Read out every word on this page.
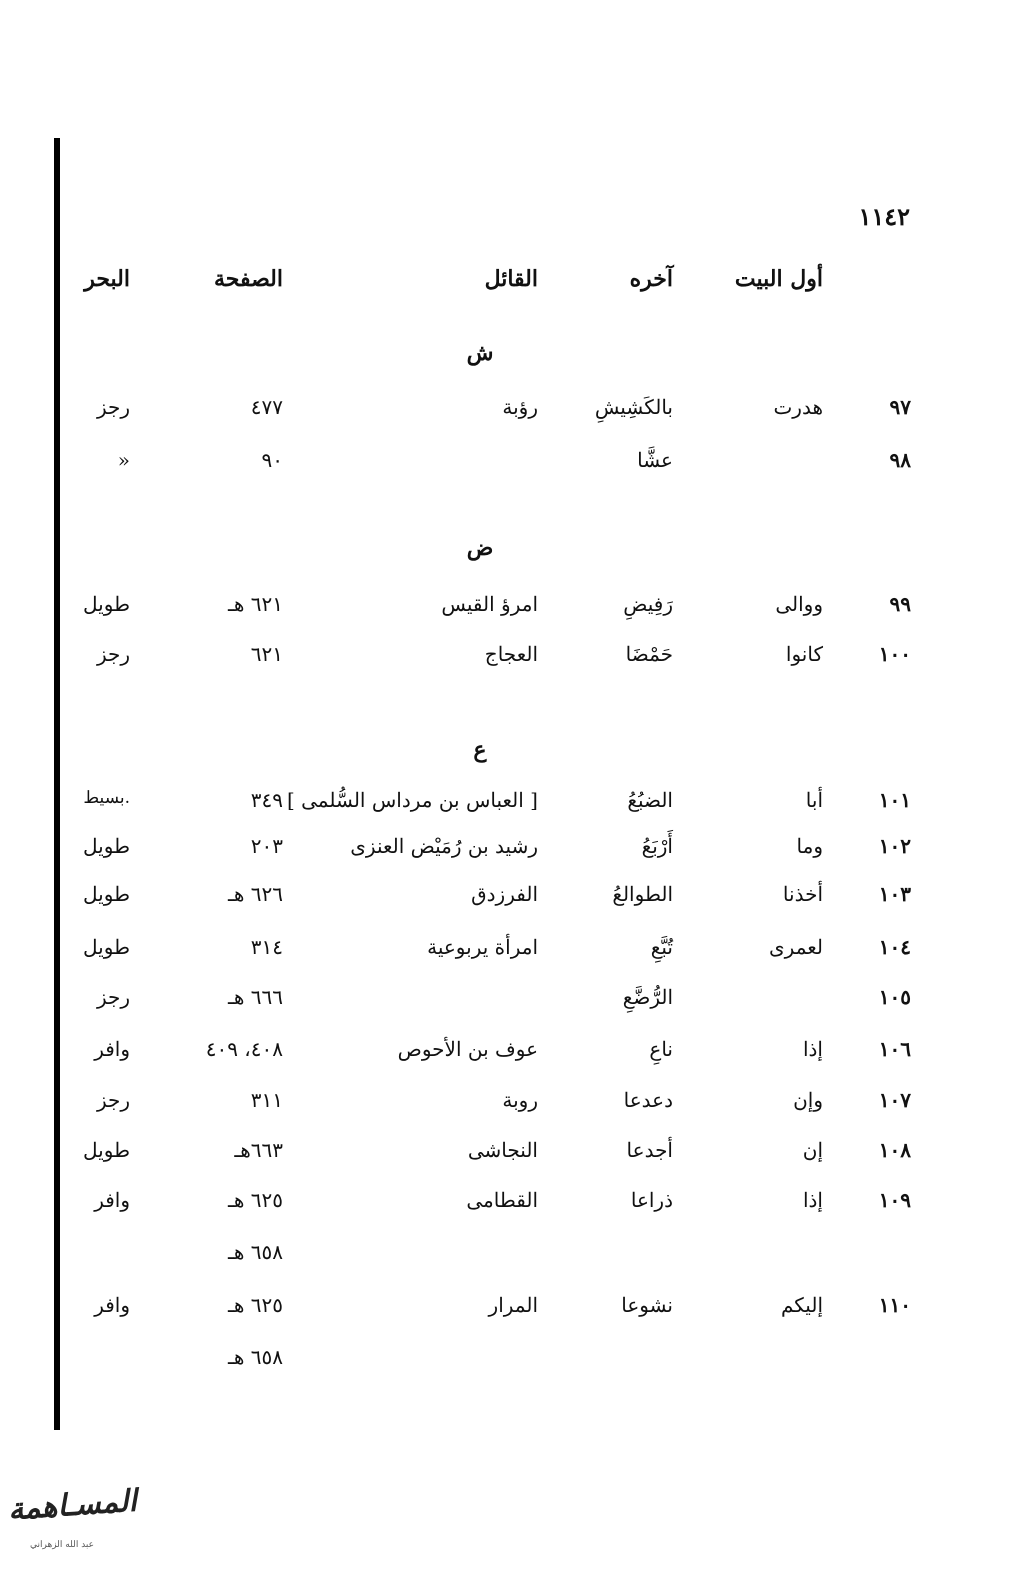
١١٤٢
أول البيت
آخره
القائل
الصفحة
البحر
ش
٩٧
هدرت
بالكَشِيشِ
رؤبة
٤٧٧
رجز
٩٨
عشَّا
٩٠
»
ض
٩٩
ووالى
رَفِيضِ
امرؤ القيس
٦٢١ هـ
طويل
١٠٠
كانوا
حَمْضَا
العجاج
٦٢١
رجز
ع
١٠١
أبا
الضبُعُ
[ العباس بن مرداس السُّلمى ]
٣٤٩
بسيط.
١٠٢
وما
أَرْبَعُ
رشيد بن رُمَيْض العنزى
٢٠٣
طويل
١٠٣
أخذنا
الطوالعُ
الفرزدق
٦٢٦ هـ
طويل
١٠٤
لعمرى
تُبَّعِ
امرأة يربوعية
٣١٤
طويل
١٠٥
الرُّضَّعِ
٦٦٦ هـ
رجز
١٠٦
إذا
ناعِ
عوف بن الأحوص
٤٠٨، ٤٠٩
وافر
١٠٧
وإن
دعدعا
روبة
٣١١
رجز
١٠٨
إن
أجدعا
النجاشى
٦٦٣هـ
طويل
١٠٩
إذا
ذراعا
القطامى
٦٢٥ هـ
وافر
٦٥٨ هـ
١١٠
إليكم
نشوعا
المرار
٦٢٥ هـ
وافر
٦٥٨ هـ
المسـاهمة
عبد الله الزهراني
